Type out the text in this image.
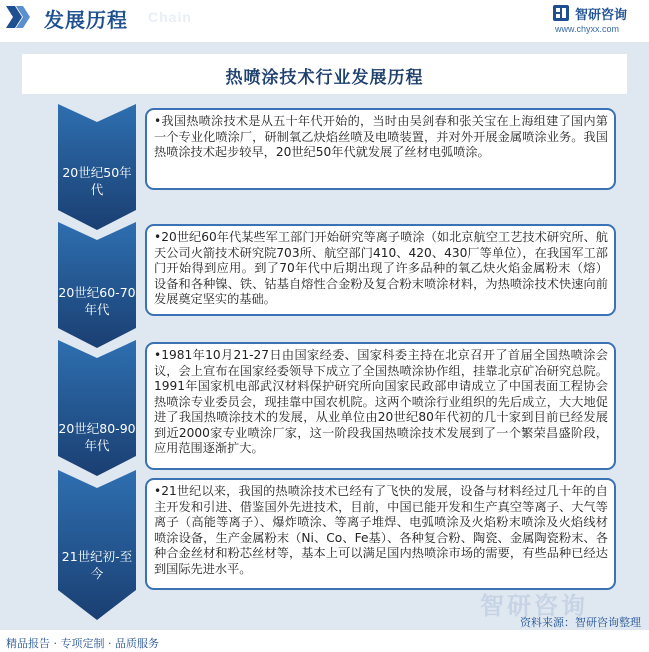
发展历程 Chain	智研咨询
www.chyxx.com
热喷涂技术行业发展历程
20世纪50年代
20世纪60-70年代
20世纪80-90年代
21世纪初-至今
•我国热喷涂技术是从五十年代开始的，当时由吴剑春和张关宝在上海组建了国内第一个专业化喷涂厂，研制氧乙炔焰丝喷及电喷装置，并对外开展金属喷涂业务。我国热喷涂技术起步较早，20世纪50年代就发展了丝材电弧喷涂。
•20世纪60年代某些军工部门开始研究等离子喷涂（如北京航空工艺技术研究所、航天公司火箭技术研究院703所、航空部门410、420、430厂等单位），在我国军工部门开始得到应用。到了70年代中后期出现了许多品种的氧乙炔火焰金属粉末（熔）设备和各种镍、铁、钴基自熔性合金粉及复合粉末喷涂材料，为热喷涂技术快速向前发展奠定坚实的基础。
•1981年10月21-27日由国家经委、国家科委主持在北京召开了首届全国热喷涂会议，会上宣布在国家经委领导下成立了全国热喷涂协作组，挂靠北京矿冶研究总院。1991年国家机电部武汉材料保护研究所向国家民政部申请成立了中国表面工程协会热喷涂专业委员会，现挂靠中国农机院。这两个喷涂行业组织的先后成立，大大地促进了我国热喷涂技术的发展，从业单位由20世纪80年代初的几十家到目前已经发展到近2000家专业喷涂厂家，这一阶段我国热喷涂技术发展到了一个繁荣昌盛阶段，应用范围逐渐扩大。
•21世纪以来，我国的热喷涂技术已经有了飞快的发展，设备与材料经过几十年的自主开发和引进、借鉴国外先进技术，目前，中国已能开发和生产真空等离子、大气等离子（高能等离子）、爆炸喷涂、等离子堆焊、电弧喷涂及火焰粉末喷涂及火焰线材喷涂设备，生产金属粉末（Ni、Co、Fe基）、各种复合粉、陶瓷、金属陶瓷粉末、各种合金丝材和粉芯丝材等，基本上可以满足国内热喷涂市场的需要，有些品种已经达到国际先进水平。
智研咨询
精品报告 · 专项定制 · 品质服务
资料来源：智研咨询整理
